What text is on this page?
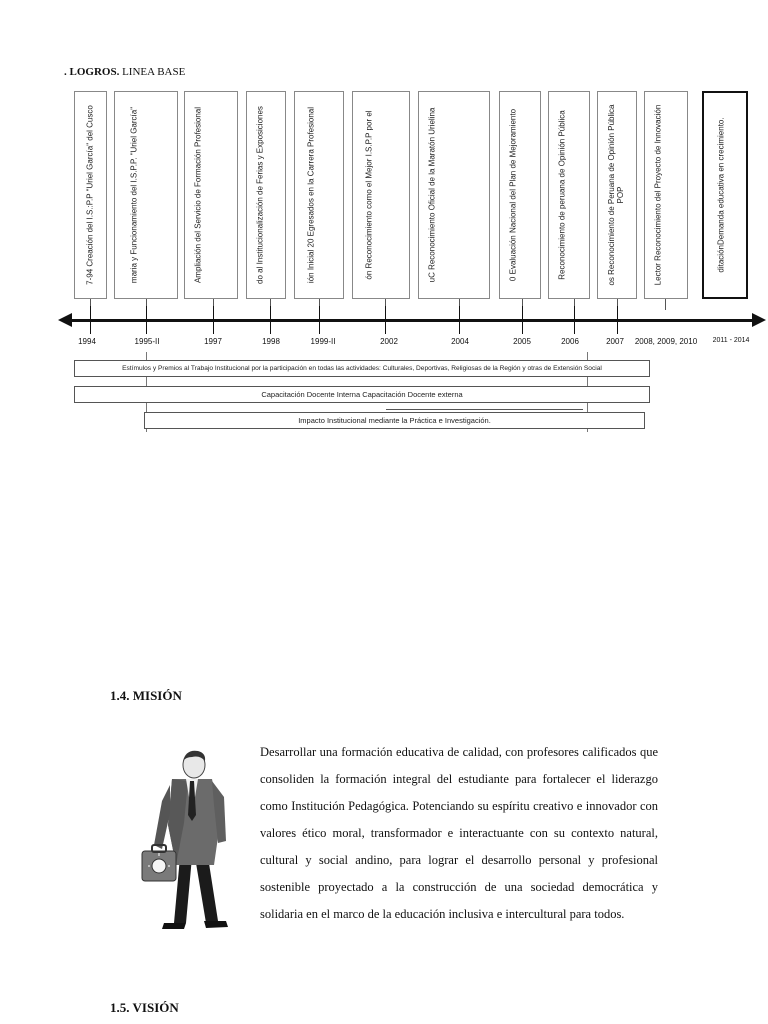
. LOGROS. LINEA BASE
7-94 Creación del I.S.:P.P "Uriel García" del Cusco	maria y Funcionamiento del I.S.P.P. "Uriel García"	Ampliación del Servicio de Formación Profesional	do al Institucionalización de Ferias y Exposiciones	ión Inicial 20 Egresados en la Carrera Profesional	ón Reconocimiento como el Mejor I.S.P.P por el	uC Reconocimiento Oficial de la Maratón Urielina	0 Evaluación Nacional del Plan de Mejoramiento	Reconocimiento de peruana de Opinión Pública	os Reconocimiento de Peruana de Opinión Pública POP	Lector Reconocimiento del Proyecto de Innovación	ditaciónDemanda educativa en crecimiento.
1994	1995-II	1997	1998	1999-II	2002	2004	2005	2006	2007 2008, 2009, 2010 2011 - 2014
Estímulos y Premios al Trabajo Institucional por la participación en todas las actividades: Culturales, Deportivas, Religiosas de la Región y otras de Extensión Social
Capacitación Docente Interna Capacitación Docente externa
Impacto Institucional mediante la Práctica e Investigación.
1.4. MISIÓN
Desarrollar una formación educativa de calidad, con profesores calificados que consoliden la formación integral del estudiante para fortalecer el liderazgo como Institución Pedagógica. Potenciando su espíritu creativo e innovador con valores ético moral, transformador e interactuante con su contexto natural, cultural y social andino, para lograr el desarrollo personal y profesional sostenible proyectado a la construcción de una sociedad democrática y solidaria en el marco de la educación inclusiva e intercultural para todos.
1.5. VISIÓN
